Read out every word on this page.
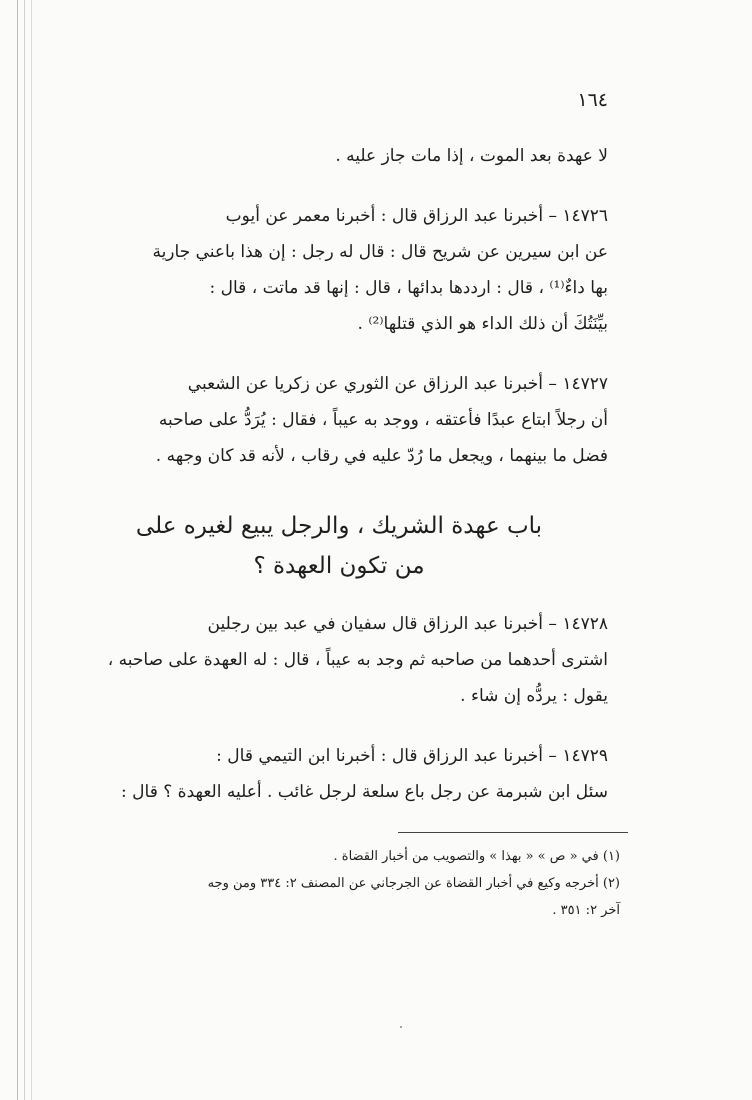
١٦٤

لا عهدة بعد الموت ، إذا مات جاز عليه .

١٤٧٢٦ – أخبرنا عبد الرزاق قال : أخبرنا معمر عن أيوب

عن ابن سيرين عن شريح قال : قال له رجل : إن هذا باعني جارية

بها داءٌ⁽¹⁾ ، قال : ارددها بدائها ، قال : إنها قد ماتت ، قال :

بيِّنَتُكَ أن ذلك الداء هو الذي قتلها⁽²⁾ .

١٤٧٢٧ – أخبرنا عبد الرزاق عن الثوري عن زكريا عن الشعبي

أن رجلاً ابتاع عبدًا فأعتقه ، ووجد به عيباً ، فقال : يُرَدُّ على صاحبه

فضل ما بينهما ، ويجعل ما رُدّ عليه في رقاب ، لأنه قد كان وجهه .

باب عهدة الشريك ، والرجل يبيع لغيره على
من تكون العهدة ؟

١٤٧٢٨ – أخبرنا عبد الرزاق قال سفيان في عبد بين رجلين

اشترى أحدهما من صاحبه ثم وجد به عيباً ، قال : له العهدة على صاحبه ،

يقول : يردُّه إن شاء .

١٤٧٢٩ – أخبرنا عبد الرزاق قال : أخبرنا ابن التيمي قال :

سئل ابن شبرمة عن رجل باع سلعة لرجل غائب . أعليه العهدة ؟ قال :

(١) في « ص » « بهذا » والتصويب من أخبار القضاة .

(٢) أخرجه وكيع في أخبار القضاة عن الجرجاني عن المصنف ٢: ٣٣٤ ومن وجه

آخر ٢: ٣٥١ .
